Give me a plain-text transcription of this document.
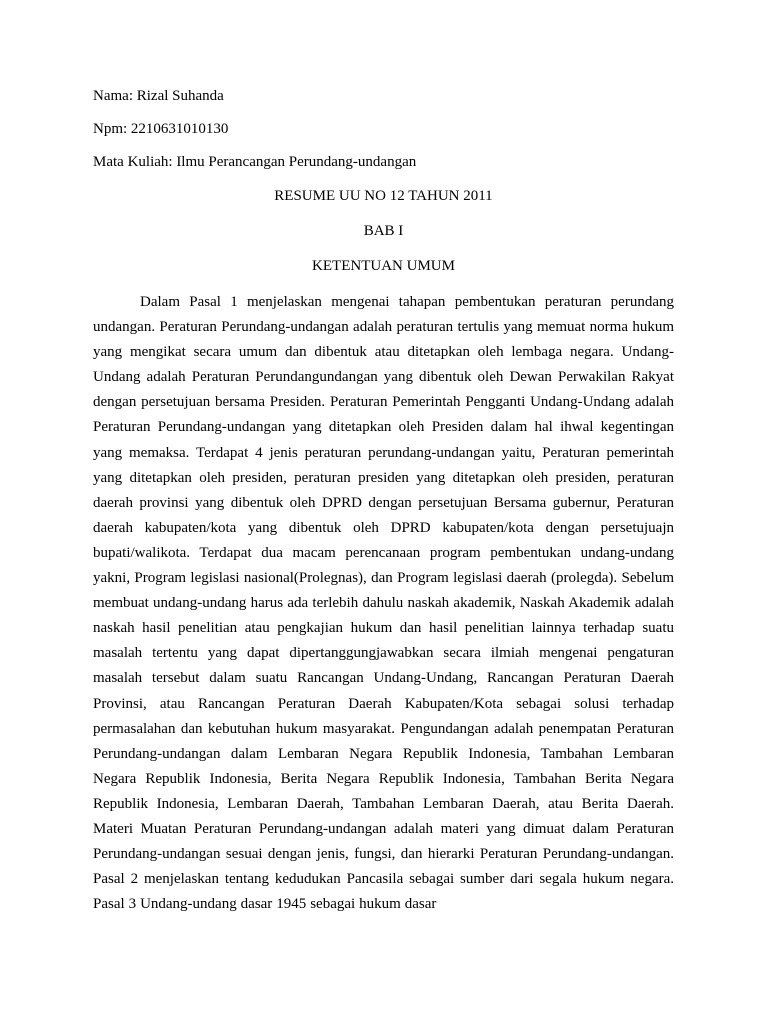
Nama: Rizal Suhanda

Npm: 2210631010130

Mata Kuliah: Ilmu Perancangan Perundang-undangan

RESUME UU NO 12 TAHUN 2011

BAB I

KETENTUAN UMUM

Dalam Pasal 1 menjelaskan mengenai tahapan pembentukan peraturan perundang undangan. Peraturan Perundang-undangan adalah peraturan tertulis yang memuat norma hukum yang mengikat secara umum dan dibentuk atau ditetapkan oleh lembaga negara. Undang-Undang adalah Peraturan Perundangundangan yang dibentuk oleh Dewan Perwakilan Rakyat dengan persetujuan bersama Presiden. Peraturan Pemerintah Pengganti Undang-Undang adalah Peraturan Perundang-undangan yang ditetapkan oleh Presiden dalam hal ihwal kegentingan yang memaksa. Terdapat 4 jenis peraturan perundang-undangan yaitu, Peraturan pemerintah yang ditetapkan oleh presiden, peraturan presiden yang ditetapkan oleh presiden, peraturan daerah provinsi yang dibentuk oleh DPRD dengan persetujuan Bersama gubernur, Peraturan daerah kabupaten/kota yang dibentuk oleh DPRD kabupaten/kota dengan persetujuajn bupati/walikota. Terdapat dua macam perencanaan program pembentukan undang-undang yakni, Program legislasi nasional(Prolegnas), dan Program legislasi daerah (prolegda). Sebelum membuat undang-undang harus ada terlebih dahulu naskah akademik, Naskah Akademik adalah naskah hasil penelitian atau pengkajian hukum dan hasil penelitian lainnya terhadap suatu masalah tertentu yang dapat dipertanggungjawabkan secara ilmiah mengenai pengaturan masalah tersebut dalam suatu Rancangan Undang-Undang, Rancangan Peraturan Daerah Provinsi, atau Rancangan Peraturan Daerah Kabupaten/Kota sebagai solusi terhadap permasalahan dan kebutuhan hukum masyarakat. Pengundangan adalah penempatan Peraturan Perundang-undangan dalam Lembaran Negara Republik Indonesia, Tambahan Lembaran Negara Republik Indonesia, Berita Negara Republik Indonesia, Tambahan Berita Negara Republik Indonesia, Lembaran Daerah, Tambahan Lembaran Daerah, atau Berita Daerah. Materi Muatan Peraturan Perundang-undangan adalah materi yang dimuat dalam Peraturan Perundang-undangan sesuai dengan jenis, fungsi, dan hierarki Peraturan Perundang-undangan. Pasal 2 menjelaskan tentang kedudukan Pancasila sebagai sumber dari segala hukum negara. Pasal 3 Undang-undang dasar 1945 sebagai hukum dasar
